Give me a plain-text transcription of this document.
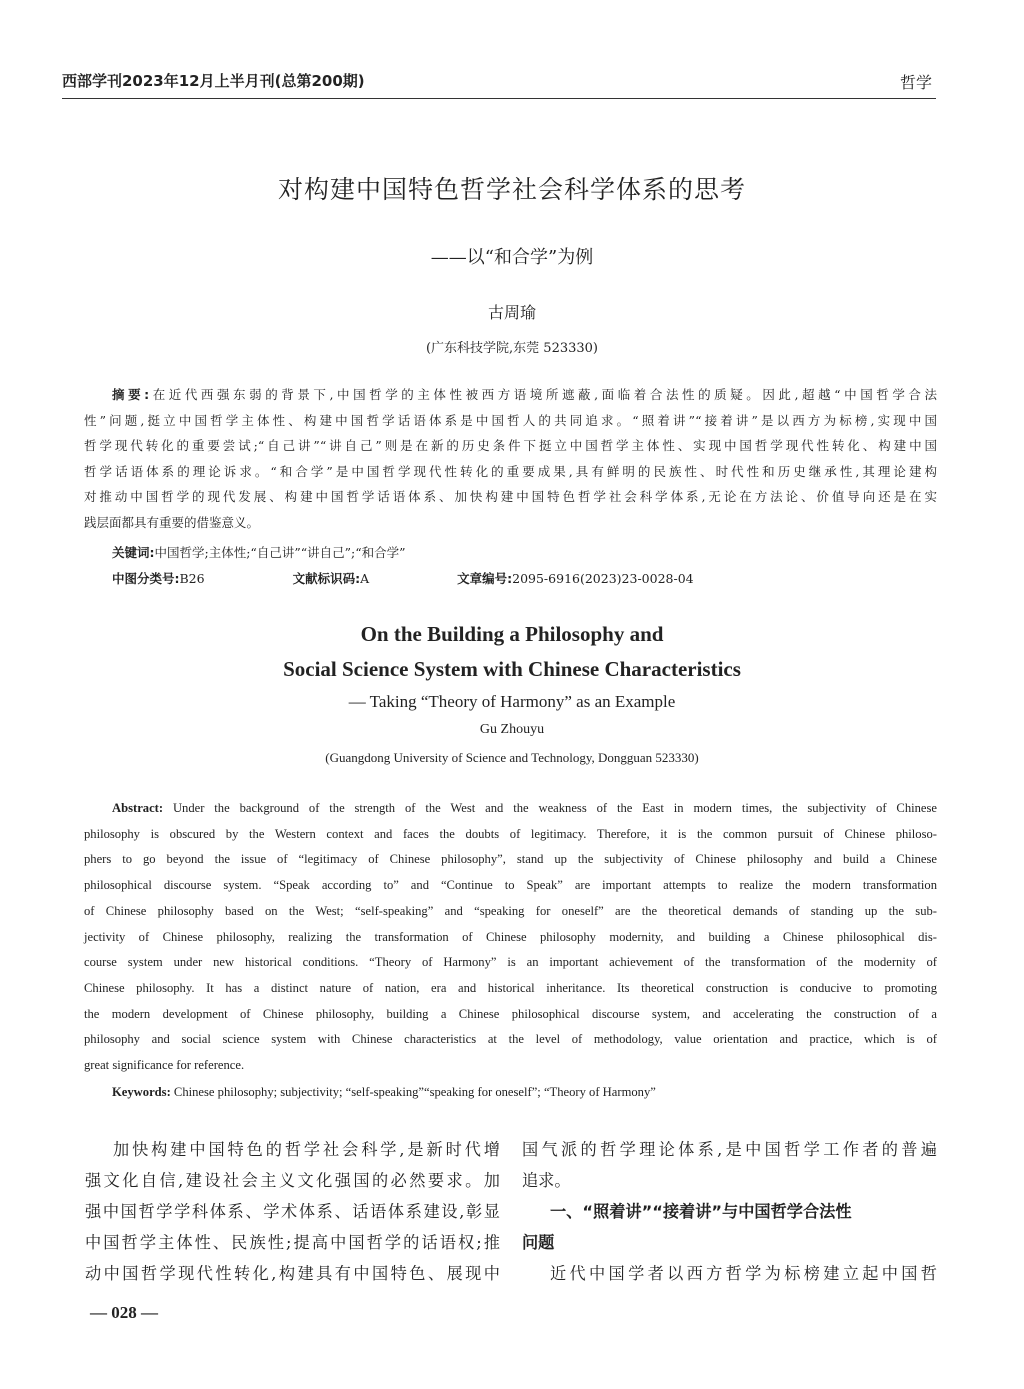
西部学刊2023年12月上半月刊(总第200期)	哲学
对构建中国特色哲学社会科学体系的思考
——以“和合学”为例
古周瑜
(广东科技学院,东莞 523330)
摘要:在近代西强东弱的背景下,中国哲学的主体性被西方语境所遮蔽,面临着合法性的质疑。因此,超越“中国哲学合法
性”问题,挺立中国哲学主体性、构建中国哲学话语体系是中国哲人的共同追求。“照着讲”“接着讲”是以西方为标榜,实现中国
哲学现代转化的重要尝试;“自己讲”“讲自己”则是在新的历史条件下挺立中国哲学主体性、实现中国哲学现代性转化、构建中国
哲学话语体系的理论诉求。“和合学”是中国哲学现代性转化的重要成果,具有鲜明的民族性、时代性和历史继承性,其理论建构
对推动中国哲学的现代发展、构建中国哲学话语体系、加快构建中国特色哲学社会科学体系,无论在方法论、价值导向还是在实
践层面都具有重要的借鉴意义。
关键词:中国哲学;主体性;“自己讲”“讲自己”;“和合学”
中图分类号:B26	文献标识码:A	文章编号:2095-6916(2023)23-0028-04
On the Building a Philosophy and
Social Science System with Chinese Characteristics
— Taking “Theory of Harmony” as an Example
Gu Zhouyu
(Guangdong University of Science and Technology, Dongguan 523330)
Abstract: Under the background of the strength of the West and the weakness of the East in modern times, the subjectivity of Chinese
philosophy is obscured by the Western context and faces the doubts of legitimacy. Therefore, it is the common pursuit of Chinese philoso-
phers to go beyond the issue of “legitimacy of Chinese philosophy”, stand up the subjectivity of Chinese philosophy and build a Chinese
philosophical discourse system. “Speak according to” and “Continue to Speak” are important attempts to realize the modern transformation
of Chinese philosophy based on the West; “self-speaking” and “speaking for oneself” are the theoretical demands of standing up the sub-
jectivity of Chinese philosophy, realizing the transformation of Chinese philosophy modernity, and building a Chinese philosophical dis-
course system under new historical conditions. “Theory of Harmony” is an important achievement of the transformation of the modernity of
Chinese philosophy. It has a distinct nature of nation, era and historical inheritance. Its theoretical construction is conducive to promoting
the modern development of Chinese philosophy, building a Chinese philosophical discourse system, and accelerating the construction of a
philosophy and social science system with Chinese characteristics at the level of methodology, value orientation and practice, which is of
great significance for reference.
Keywords: Chinese philosophy; subjectivity; “self-speaking”“speaking for oneself”; “Theory of Harmony”
加快构建中国特色的哲学社会科学,是新时代增
强文化自信,建设社会主义文化强国的必然要求。加
强中国哲学学科体系、学术体系、话语体系建设,彰显
中国哲学主体性、民族性;提高中国哲学的话语权;推
动中国哲学现代性转化,构建具有中国特色、展现中
国气派的哲学理论体系,是中国哲学工作者的普遍
追求。
一、“照着讲”“接着讲”与中国哲学合法性
问题
近代中国学者以西方哲学为标榜建立起中国哲
— 028 —
